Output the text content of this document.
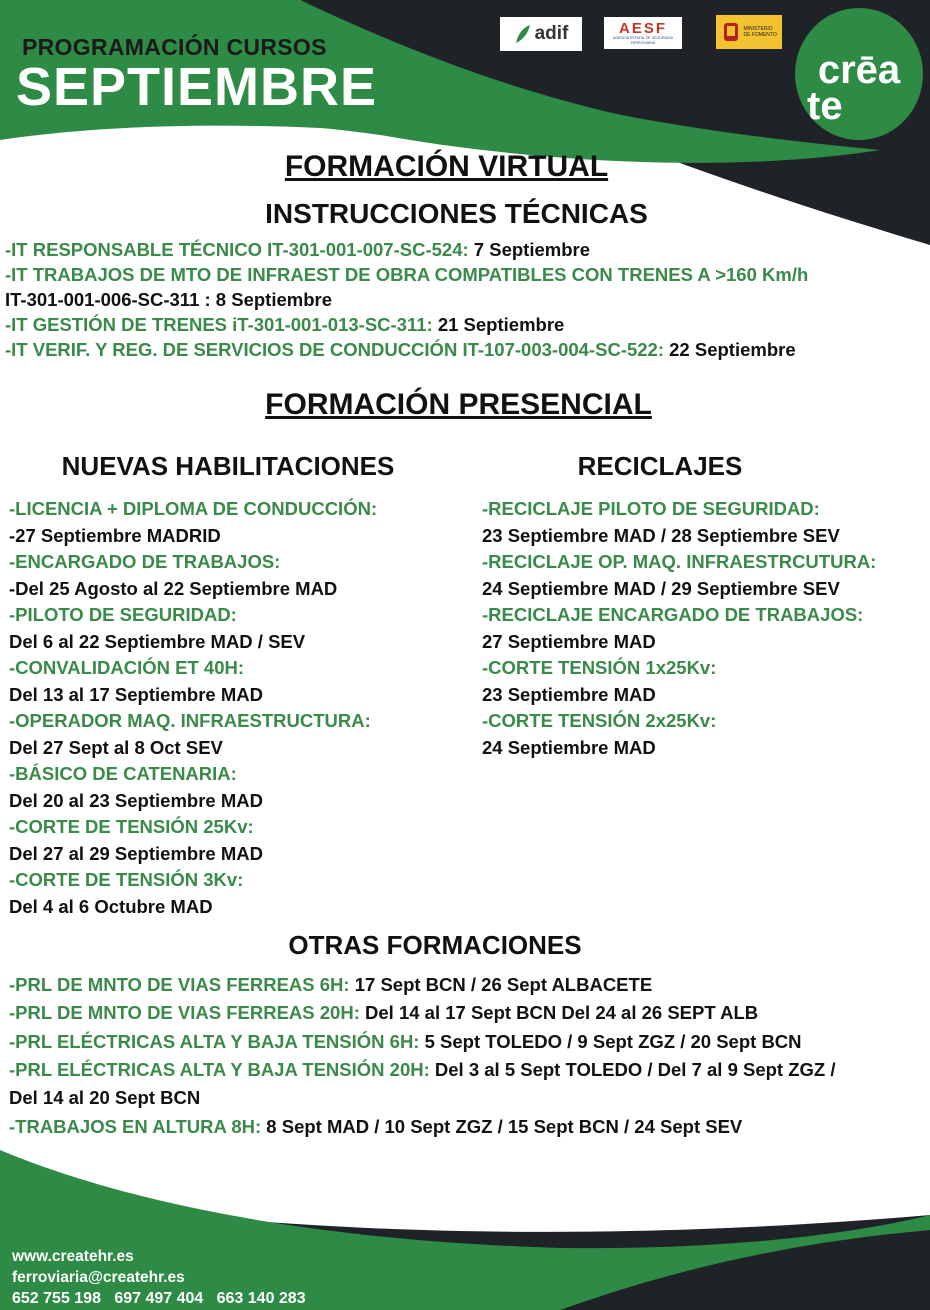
PROGRAMACIÓN CURSOS
SEPTIEMBRE
adif	AESF
AGENCIA ESTATAL DE SEGURIDAD FERROVIARIA
MINISTERIO DE FOMENTO
crēa
te
FORMACIÓN VIRTUAL
INSTRUCCIONES TÉCNICAS
-IT RESPONSABLE TÉCNICO IT-301-001-007-SC-524: 7 Septiembre
-IT TRABAJOS DE MTO DE INFRAEST DE OBRA COMPATIBLES CON TRENES A >160 Km/h
IT-301-001-006-SC-311 : 8 Septiembre
-IT GESTIÓN DE TRENES iT-301-001-013-SC-311: 21 Septiembre
-IT VERIF. Y REG. DE SERVICIOS DE CONDUCCIÓN IT-107-003-004-SC-522: 22 Septiembre
FORMACIÓN PRESENCIAL
NUEVAS HABILITACIONES	RECICLAJES
-LICENCIA + DIPLOMA DE CONDUCCIÓN:
-27 Septiembre MADRID
-ENCARGADO DE TRABAJOS:
-Del 25 Agosto al 22 Septiembre MAD
-PILOTO DE SEGURIDAD:
Del 6 al 22 Septiembre MAD / SEV
-CONVALIDACIÓN ET 40H:
Del 13 al 17 Septiembre MAD
-OPERADOR MAQ. INFRAESTRUCTURA:
Del 27 Sept al 8 Oct SEV
-BÁSICO DE CATENARIA:
Del 20 al 23 Septiembre MAD
-CORTE DE TENSIÓN 25Kv:
Del 27 al 29 Septiembre MAD
-CORTE DE TENSIÓN 3Kv:
Del 4 al 6 Octubre MAD
-RECICLAJE PILOTO DE SEGURIDAD:
23 Septiembre MAD / 28 Septiembre SEV
-RECICLAJE OP. MAQ. INFRAESTRCUTURA:
24 Septiembre MAD / 29 Septiembre SEV
-RECICLAJE ENCARGADO DE TRABAJOS:
27 Septiembre MAD
-CORTE TENSIÓN 1x25Kv:
23 Septiembre MAD
-CORTE TENSIÓN 2x25Kv:
24 Septiembre MAD
OTRAS FORMACIONES
-PRL DE MNTO DE VIAS FERREAS 6H: 17 Sept BCN / 26 Sept ALBACETE
-PRL DE MNTO DE VIAS FERREAS 20H: Del 14 al 17 Sept BCN Del 24 al 26 SEPT ALB
-PRL ELÉCTRICAS ALTA Y BAJA TENSIÓN 6H: 5 Sept TOLEDO / 9 Sept ZGZ / 20 Sept BCN
-PRL ELÉCTRICAS ALTA Y BAJA TENSIÓN 20H: Del 3 al 5 Sept TOLEDO / Del 7 al 9 Sept ZGZ /
Del 14 al 20 Sept BCN
-TRABAJOS EN ALTURA 8H: 8 Sept MAD / 10 Sept ZGZ / 15 Sept BCN / 24 Sept SEV
www.createhr.es
ferroviaria@createhr.es
652 755 198   697 497 404   663 140 283
